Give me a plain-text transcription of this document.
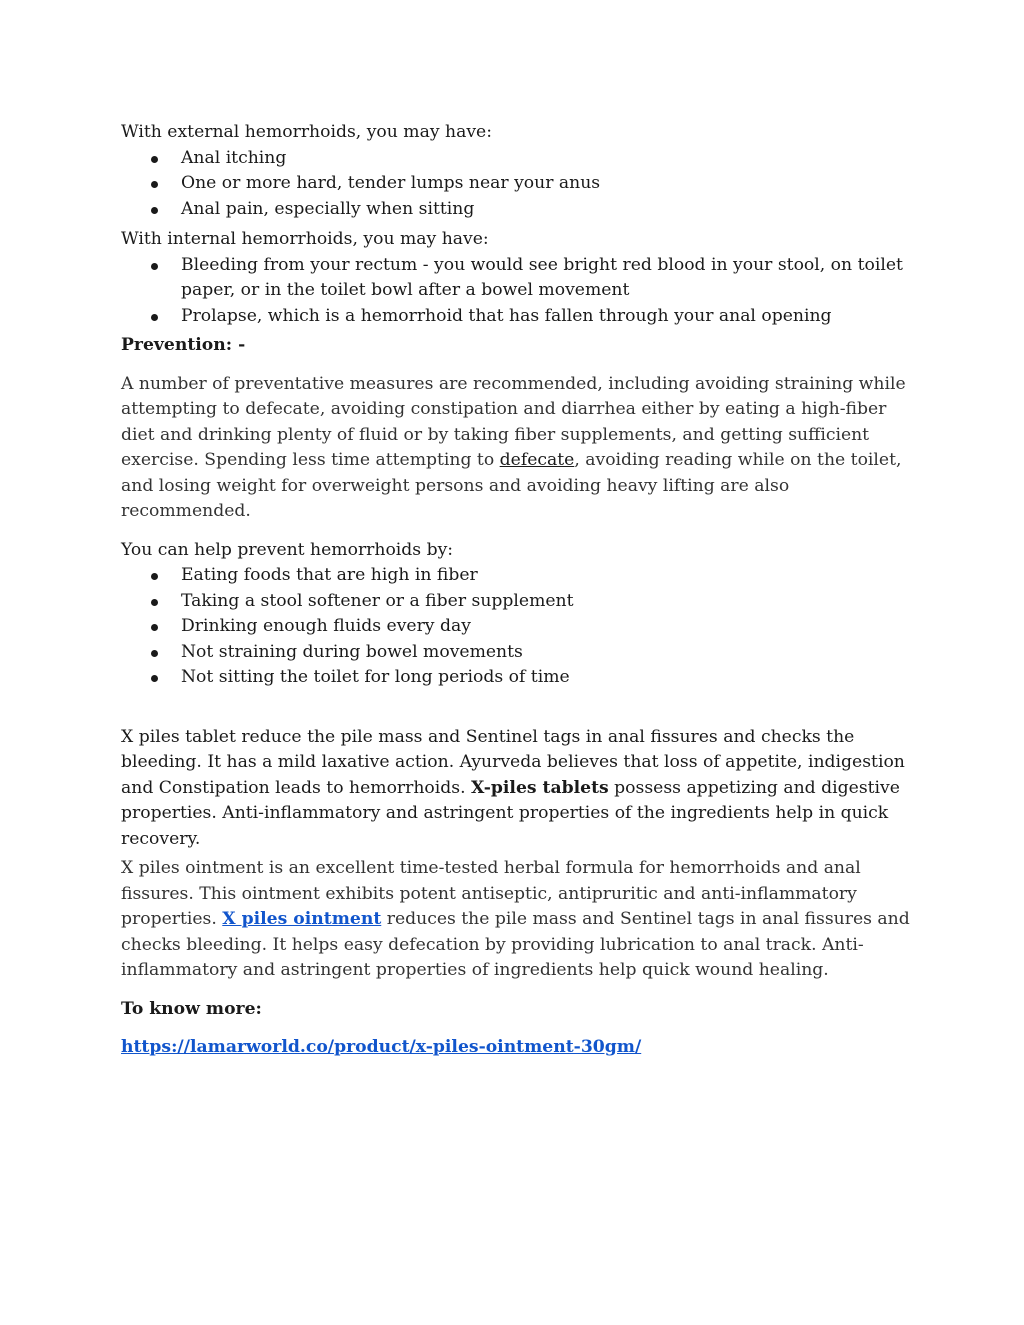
With external hemorrhoids, you may have:

Anal itching
One or more hard, tender lumps near your anus
Anal pain, especially when sitting

With internal hemorrhoids, you may have:

Bleeding from your rectum - you would see bright red blood in your stool, on toilet paper, or in the toilet bowl after a bowel movement
Prolapse, which is a hemorrhoid that has fallen through your anal opening

Prevention: -

A number of preventative measures are recommended, including avoiding straining while attempting to defecate, avoiding constipation and diarrhea either by eating a high-fiber diet and drinking plenty of fluid or by taking fiber supplements, and getting sufficient exercise. Spending less time attempting to defecate, avoiding reading while on the toilet, and losing weight for overweight persons and avoiding heavy lifting are also recommended.

You can help prevent hemorrhoids by:

Eating foods that are high in fiber
Taking a stool softener or a fiber supplement
Drinking enough fluids every day
Not straining during bowel movements
Not sitting the toilet for long periods of time

X piles tablet reduce the pile mass and Sentinel tags in anal fissures and checks the bleeding. It has a mild laxative action. Ayurveda believes that loss of appetite, indigestion and Constipation leads to hemorrhoids. X-piles tablets possess appetizing and digestive properties. Anti-inflammatory and astringent properties of the ingredients help in quick recovery.

X piles ointment is an excellent time-tested herbal formula for hemorrhoids and anal fissures. This ointment exhibits potent antiseptic, antipruritic and anti-inflammatory properties. X piles ointment reduces the pile mass and Sentinel tags in anal fissures and checks bleeding. It helps easy defecation by providing lubrication to anal track. Anti-inflammatory and astringent properties of ingredients help quick wound healing.

To know more:

https://lamarworld.co/product/x-piles-ointment-30gm/
